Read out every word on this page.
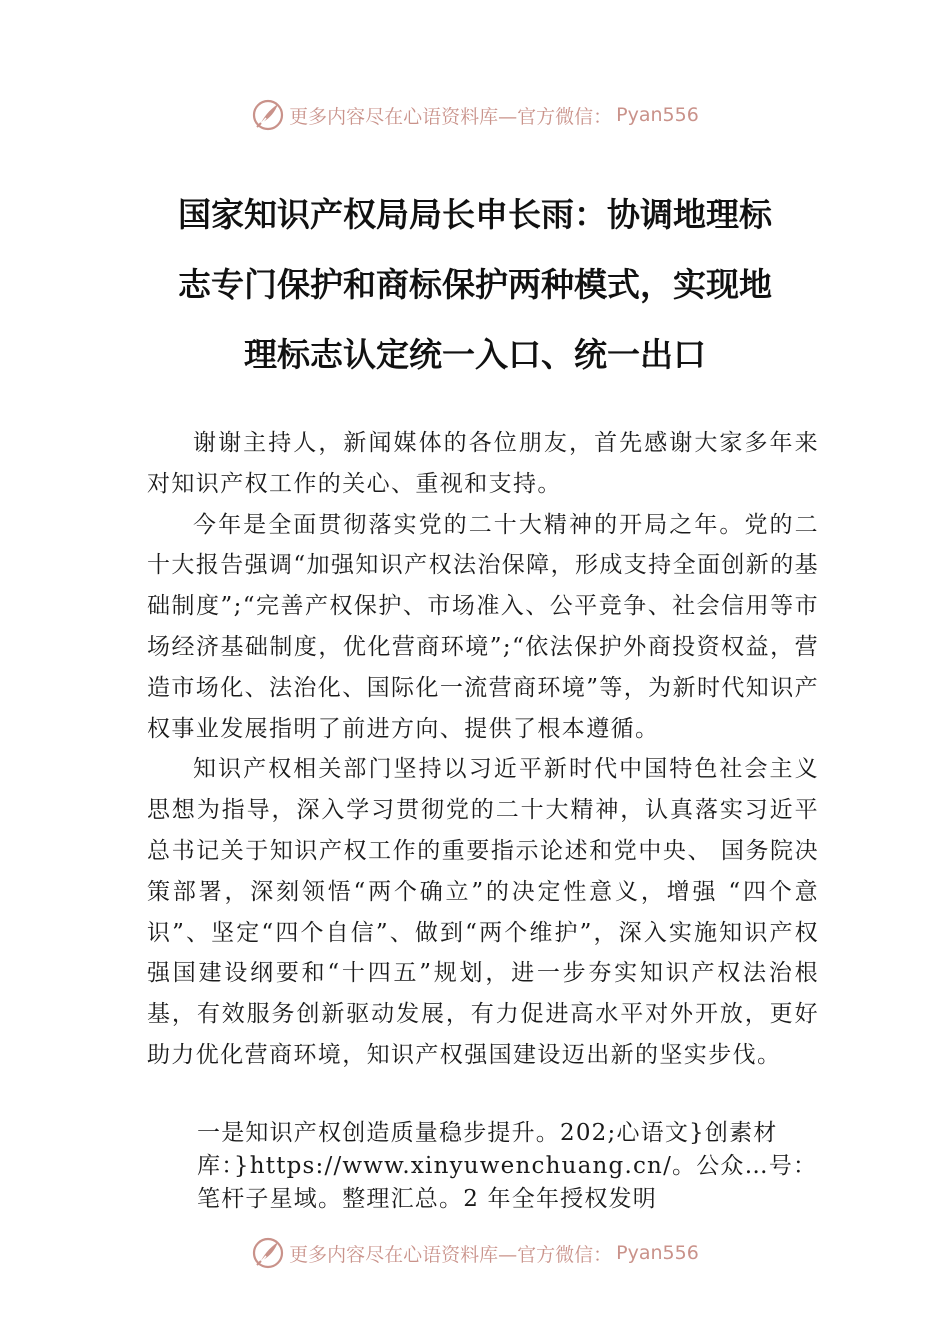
更多内容尽在心语资料库—官方微信： Pyan556
国家知识产权局局长申长雨：协调地理标
志专门保护和商标保护两种模式，实现地
理标志认定统一入口、统一出口

谢谢主持人，新闻媒体的各位朋友，首先感谢大家多年来对知识产权工作的关心、重视和支持。

今年是全面贯彻落实党的二十大精神的开局之年。党的二十大报告强调“加强知识产权法治保障，形成支持全面创新的基础制度”;“完善产权保护、市场准入、公平竞争、社会信用等市场经济基础制度，优化营商环境”;“依法保护外商投资权益，营造市场化、法治化、国际化一流营商环境”等，为新时代知识产权事业发展指明了前进方向、提供了根本遵循。

知识产权相关部门坚持以习近平新时代中国特色社会主义思想为指导，深入学习贯彻党的二十大精神，认真落实习近平总书记关于知识产权工作的重要指示论述和党中央、 国务院决策部署，深刻领悟“两个确立”的决定性意义，增强 “四个意识”、坚定“四个自信”、做到“两个维护”，深入实施知识产权强国建设纲要和“十四五”规划，进一步夯实知识产权法治根基，有效服务创新驱动发展，有力促进高水平对外开放，更好助力优化营商环境，知识产权强国建设迈出新的坚实步伐。

一是知识产权创造质量稳步提升。202;心语文}创素材库：}https://www.xinyuwenchuang.cn/。公众…号：笔杆子星域。整理汇总。2 年全年授权发明

更多内容尽在心语资料库—官方微信： Pyan556
